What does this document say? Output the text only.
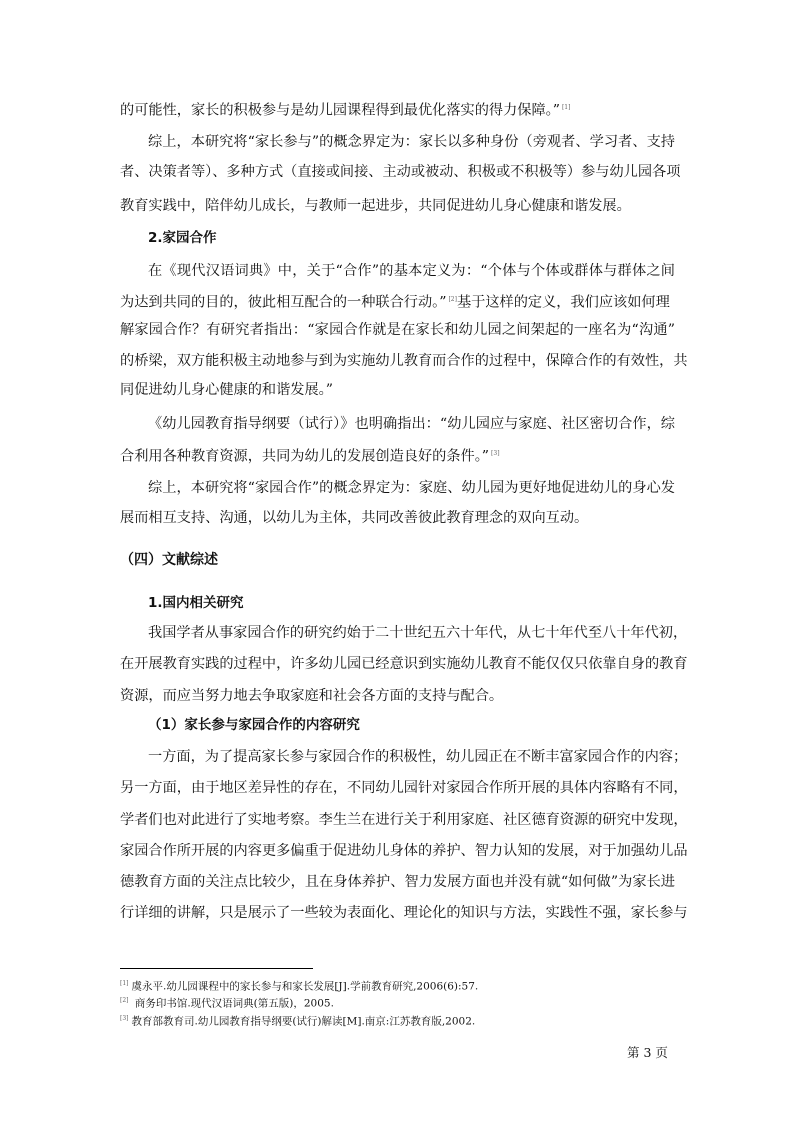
的可能性，家长的积极参与是幼儿园课程得到最优化落实的得力保障。” [1]
综上，本研究将“家长参与”的概念界定为：家长以多种身份（旁观者、学习者、支持
者、决策者等）、多种方式（直接或间接、主动或被动、积极或不积极等）参与幼儿园各项
教育实践中，陪伴幼儿成长，与教师一起进步，共同促进幼儿身心健康和谐发展。
2.家园合作
在《现代汉语词典》中，关于“合作”的基本定义为：“个体与个体或群体与群体之间
为达到共同的目的，彼此相互配合的一种联合行动。” [2]基于这样的定义，我们应该如何理
解家园合作？有研究者指出：“家园合作就是在家长和幼儿园之间架起的一座名为“沟通”
的桥梁，双方能积极主动地参与到为实施幼儿教育而合作的过程中，保障合作的有效性，共
同促进幼儿身心健康的和谐发展。”
《幼儿园教育指导纲要（试行）》也明确指出：“幼儿园应与家庭、社区密切合作，综
合利用各种教育资源，共同为幼儿的发展创造良好的条件。” [3]
综上，本研究将“家园合作”的概念界定为：家庭、幼儿园为更好地促进幼儿的身心发
展而相互支持、沟通，以幼儿为主体，共同改善彼此教育理念的双向互动。
（四）文献综述
1.国内相关研究
我国学者从事家园合作的研究约始于二十世纪五六十年代，从七十年代至八十年代初，
在开展教育实践的过程中，许多幼儿园已经意识到实施幼儿教育不能仅仅只依靠自身的教育
资源，而应当努力地去争取家庭和社会各方面的支持与配合。
（1）家长参与家园合作的内容研究
一方面，为了提高家长参与家园合作的积极性，幼儿园正在不断丰富家园合作的内容；
另一方面，由于地区差异性的存在，不同幼儿园针对家园合作所开展的具体内容略有不同，
学者们也对此进行了实地考察。李生兰在进行关于利用家庭、社区德育资源的研究中发现，
家园合作所开展的内容更多偏重于促进幼儿身体的养护、智力认知的发展，对于加强幼儿品
德教育方面的关注点比较少，且在身体养护、智力发展方面也并没有就“如何做”为家长进
行详细的讲解，只是展示了一些较为表面化、理论化的知识与方法，实践性不强，家长参与
[1] 虞永平.幼儿园课程中的家长参与和家长发展[J].学前教育研究,2006(6):57.
[2] 商务印书馆.现代汉语词典(第五版)，2005.
[3] 教育部教育司.幼儿园教育指导纲要(试行)解读[M].南京:江苏教育版,2002.
第 3 页
